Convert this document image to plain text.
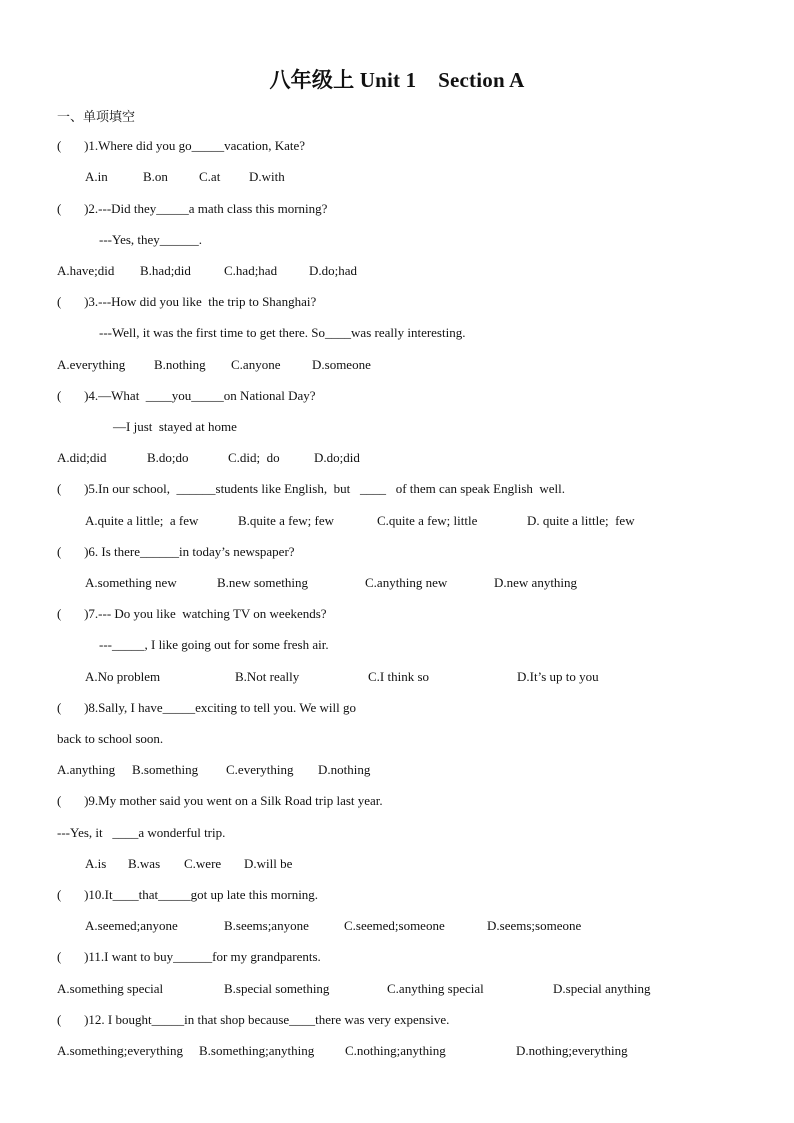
八年级上 Unit 1    Section A
一、单项填空
(       )1.Where did you go_____vacation, Kate?
A.in	B.on C.at D.with
(       )2.---Did they_____a math class this morning?
---Yes, they______.
A.have;did B.had;did	C.had;had D.do;had
(       )3.---How did you like  the trip to Shanghai?
---Well, it was the first time to get there. So____was really interesting.
A.everything B.nothing C.anyone D.someone
(       )4.—What  ____you_____on National Day?
—I just  stayed at home
A.did;did	B.do;do	C.did;  do	D.do;did
(       )5.In our school,  ______students like English,  but   ____   of them can speak English  well.
A.quite a little;  a few	B.quite a few; few	C.quite a few; little	D. quite a little;  few
(       )6. Is there______in today’s newspaper?
A.something new	B.new something	C.anything new	D.new anything
(       )7.--- Do you like  watching TV on weekends?
---_____, I like going out for some fresh air.
A.No problem	B.Not really	C.I think so	D.It’s up to you
(       )8.Sally, I have_____exciting to tell you. We will go
back to school soon.
A.anything B.something C.everything D.nothing
(       )9.My mother said you went on a Silk Road trip last year.
---Yes, it   ____a wonderful trip.
A.is B.was C.were D.will be
(       )10.It____that_____got up late this morning.
A.seemed;anyone	B.seems;anyone	C.seemed;someone	D.seems;someone
(       )11.I want to buy______for my grandparents.
A.something special	B.special something	C.anything special	D.special anything
(       )12. I bought_____in that shop because____there was very expensive.
A.something;everything B.something;anything C.nothing;anything	D.nothing;everything
